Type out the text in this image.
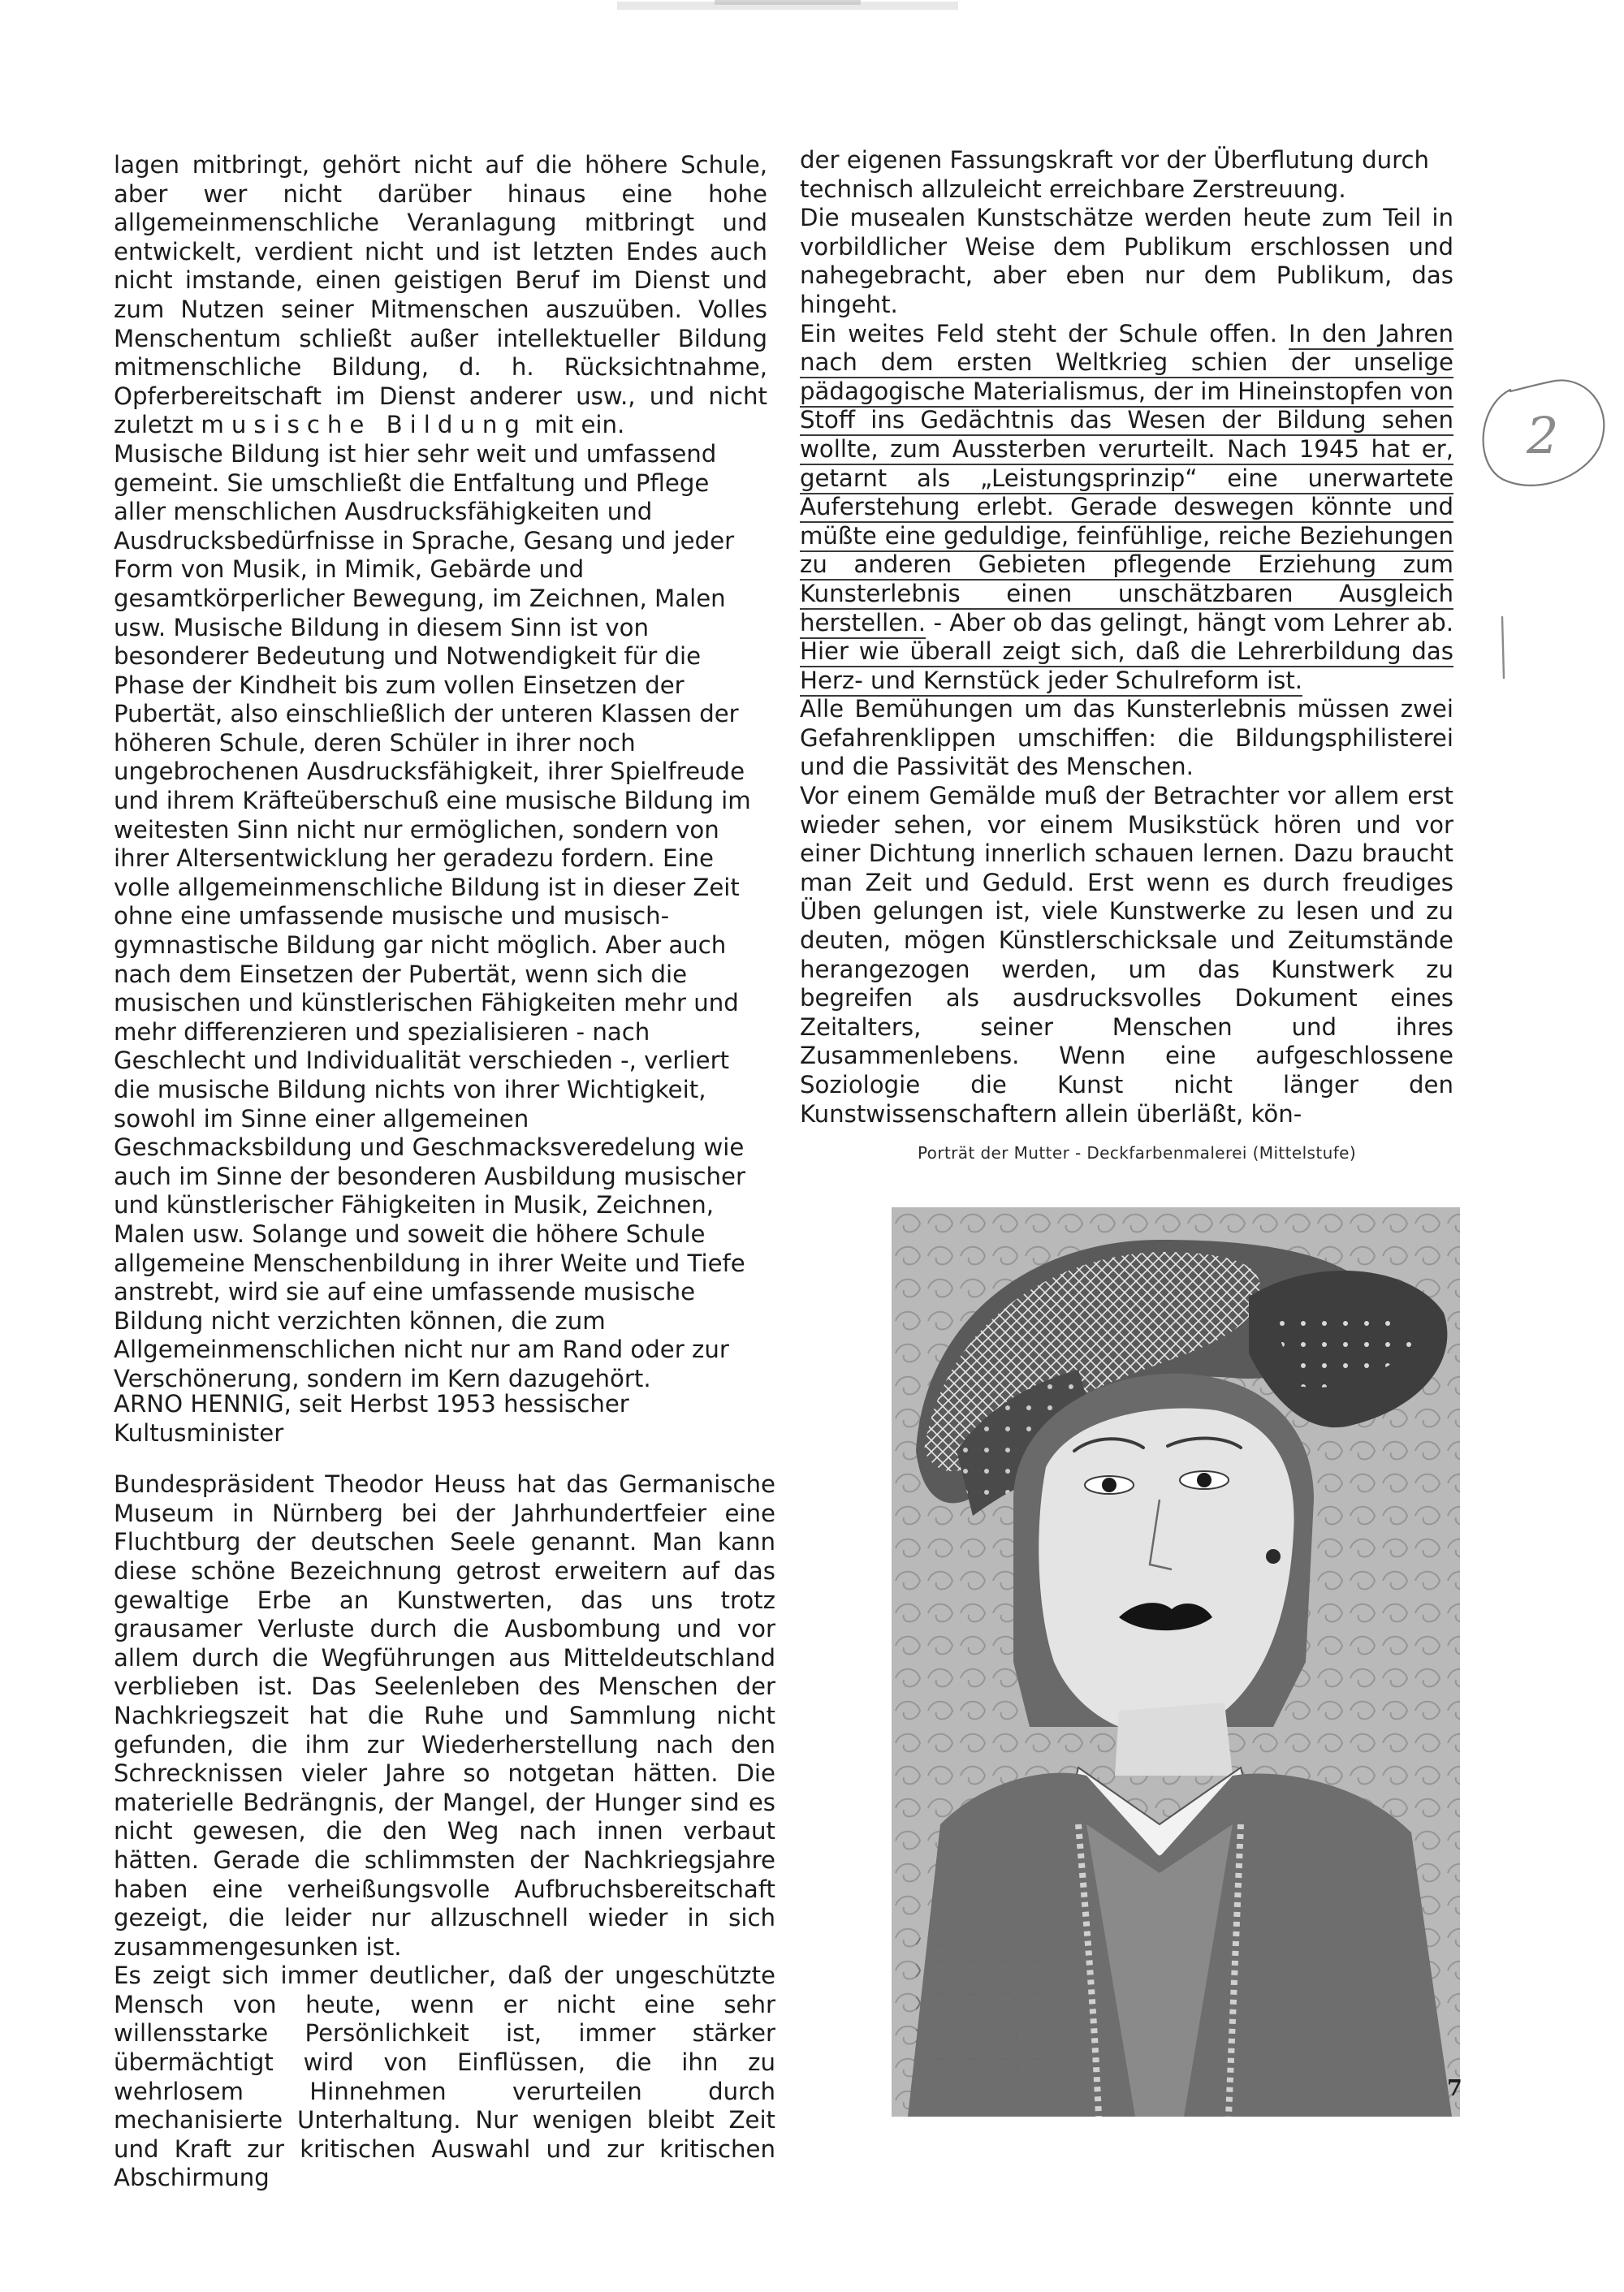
lagen mitbringt, gehört nicht auf die höhere Schule, aber wer nicht darüber hinaus eine hohe allgemeinmenschliche Veranlagung mitbringt und entwickelt, verdient nicht und ist letzten Endes auch nicht imstande, einen geistigen Beruf im Dienst und zum Nutzen seiner Mitmenschen auszuüben. Volles Menschentum schließt außer intellektueller Bildung mitmenschliche Bildung, d. h. Rücksichtnahme, Opferbereitschaft im Dienst anderer usw., und nicht zuletzt musische Bildung mit ein.

Musische Bildung ist hier sehr weit und umfassend gemeint. Sie umschließt die Entfaltung und Pflege aller menschlichen Ausdrucksfähigkeiten und Ausdrucksbedürfnisse in Sprache, Gesang und jeder Form von Musik, in Mimik, Gebärde und gesamtkörperlicher Bewegung, im Zeichnen, Malen usw. Musische Bildung in diesem Sinn ist von besonderer Bedeutung und Notwendigkeit für die Phase der Kindheit bis zum vollen Einsetzen der Pubertät, also einschließlich der unteren Klassen der höheren Schule, deren Schüler in ihrer noch ungebrochenen Ausdrucksfähigkeit, ihrer Spielfreude und ihrem Kräfteüberschuß eine musische Bildung im weitesten Sinn nicht nur ermöglichen, sondern von ihrer Altersentwicklung her geradezu fordern. Eine volle allgemeinmenschliche Bildung ist in dieser Zeit ohne eine umfassende musische und musisch-gymnastische Bildung gar nicht möglich. Aber auch nach dem Einsetzen der Pubertät, wenn sich die musischen und künstlerischen Fähigkeiten mehr und mehr differenzieren und spezialisieren - nach Geschlecht und Individualität verschieden -, verliert die musische Bildung nichts von ihrer Wichtigkeit, sowohl im Sinne einer allgemeinen Geschmacksbildung und Geschmacksveredelung wie auch im Sinne der besonderen Ausbildung musischer und künstlerischer Fähigkeiten in Musik, Zeichnen, Malen usw. Solange und soweit die höhere Schule allgemeine Menschenbildung in ihrer Weite und Tiefe anstrebt, wird sie auf eine umfassende musische Bildung nicht verzichten können, die zum Allgemeinmenschlichen nicht nur am Rand oder zur Verschönerung, sondern im Kern dazugehört.

ARNO HENNIG, seit Herbst 1953 hessischer Kultusminister

Bundespräsident Theodor Heuss hat das Germanische Museum in Nürnberg bei der Jahrhundertfeier eine Fluchtburg der deutschen Seele genannt. Man kann diese schöne Bezeichnung getrost erweitern auf das gewaltige Erbe an Kunstwerten, das uns trotz grausamer Verluste durch die Ausbombung und vor allem durch die Wegführungen aus Mitteldeutschland verblieben ist. Das Seelenleben des Menschen der Nachkriegszeit hat die Ruhe und Sammlung nicht gefunden, die ihm zur Wiederherstellung nach den Schrecknissen vieler Jahre so notgetan hätten. Die materielle Bedrängnis, der Mangel, der Hunger sind es nicht gewesen, die den Weg nach innen verbaut hätten. Gerade die schlimmsten der Nachkriegsjahre haben eine verheißungsvolle Aufbruchsbereitschaft gezeigt, die leider nur allzuschnell wieder in sich zusammengesunken ist.

Es zeigt sich immer deutlicher, daß der ungeschützte Mensch von heute, wenn er nicht eine sehr willensstarke Persönlichkeit ist, immer stärker übermächtigt wird von Einflüssen, die ihn zu wehrlosem Hinnehmen verurteilen durch mechanisierte Unterhaltung. Nur wenigen bleibt Zeit und Kraft zur kritischen Auswahl und zur kritischen Abschirmung

der eigenen Fassungskraft vor der Überflutung durch technisch allzuleicht erreichbare Zerstreuung.

Die musealen Kunstschätze werden heute zum Teil in vorbildlicher Weise dem Publikum erschlossen und nahegebracht, aber eben nur dem Publikum, das hingeht.

Ein weites Feld steht der Schule offen. In den Jahren nach dem ersten Weltkrieg schien der unselige pädagogische Materialismus, der im Hineinstopfen von Stoff ins Gedächtnis das Wesen der Bildung sehen wollte, zum Aussterben verurteilt. Nach 1945 hat er, getarnt als „Leistungsprinzip“ eine unerwartete Auferstehung erlebt. Gerade deswegen könnte und müßte eine geduldige, feinfühlige, reiche Beziehungen zu anderen Gebieten pflegende Erziehung zum Kunsterlebnis einen unschätzbaren Ausgleich herstellen. - Aber ob das gelingt, hängt vom Lehrer ab. Hier wie überall zeigt sich, daß die Lehrerbildung das Herz- und Kernstück jeder Schulreform ist.

Alle Bemühungen um das Kunsterlebnis müssen zwei Gefahrenklippen umschiffen: die Bildungsphilisterei und die Passivität des Menschen.

Vor einem Gemälde muß der Betrachter vor allem erst wieder sehen, vor einem Musikstück hören und vor einer Dichtung innerlich schauen lernen. Dazu braucht man Zeit und Geduld. Erst wenn es durch freudiges Üben gelungen ist, viele Kunstwerke zu lesen und zu deuten, mögen Künstlerschicksale und Zeitumstände herangezogen werden, um das Kunstwerk zu begreifen als ausdrucksvolles Dokument eines Zeitalters, seiner Menschen und ihres Zusammenlebens. Wenn eine aufgeschlossene Soziologie die Kunst nicht länger den Kunstwissenschaftern allein überläßt, kön-

2
Porträt der Mutter - Deckfarbenmalerei (Mittelstufe)
7
